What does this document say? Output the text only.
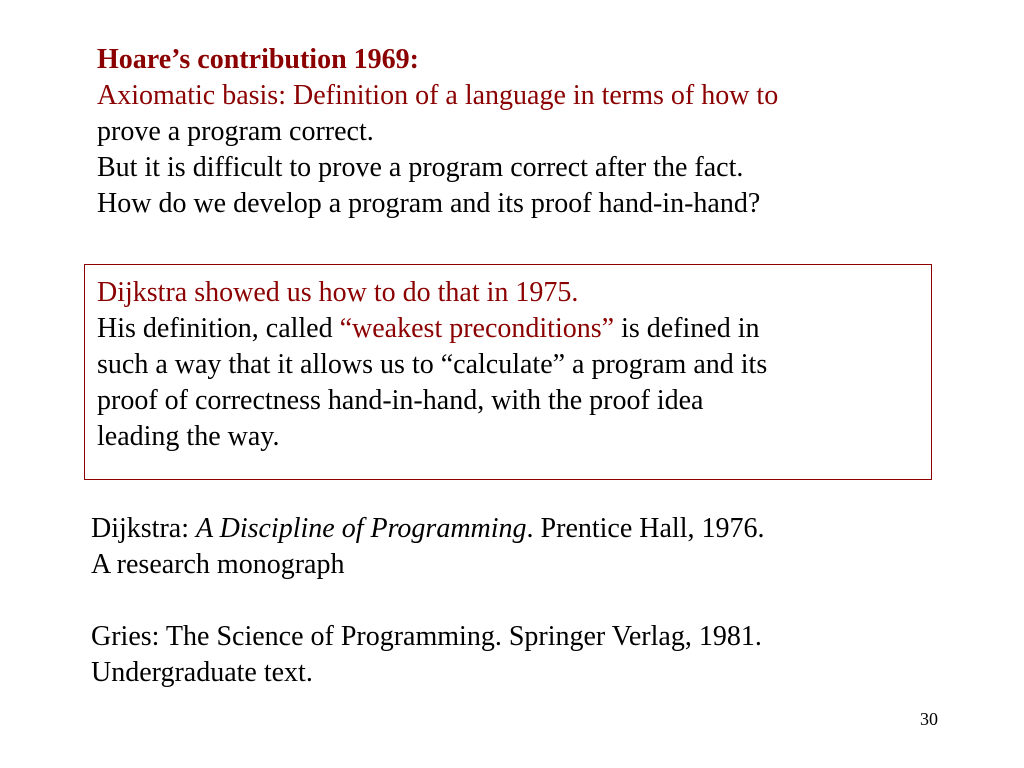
Hoare’s contribution 1969:
Axiomatic basis: Definition of a language in terms of how to
prove a program correct.
But it is difficult to prove a program correct after the fact.
How do we develop a program and its proof hand-in-hand?
Dijkstra showed us how to do that in 1975.
His definition, called “weakest preconditions” is defined in
such a way that it allows us to “calculate” a program and its
proof of correctness hand-in-hand, with the proof idea
leading the way.
Dijkstra: A Discipline of Programming. Prentice Hall, 1976.
A research monograph
Gries: The Science of Programming. Springer Verlag, 1981.
Undergraduate text.
30
